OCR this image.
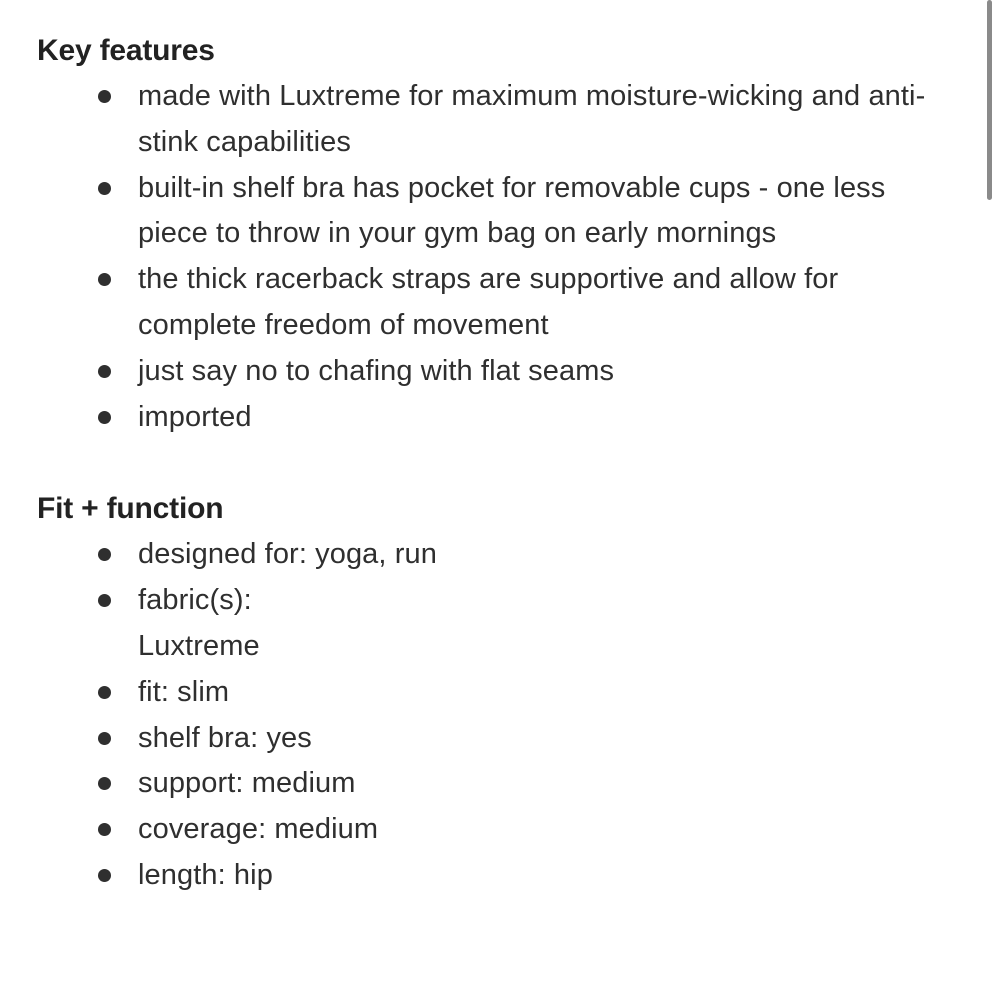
Key features
made with Luxtreme for maximum moisture-wicking and anti-stink capabilities
built-in shelf bra has pocket for removable cups - one less piece to throw in your gym bag on early mornings
the thick racerback straps are supportive and allow for complete freedom of movement
just say no to chafing with flat seams
imported
Fit + function
designed for: yoga, run
fabric(s):
Luxtreme
fit: slim
shelf bra: yes
support: medium
coverage: medium
length: hip
